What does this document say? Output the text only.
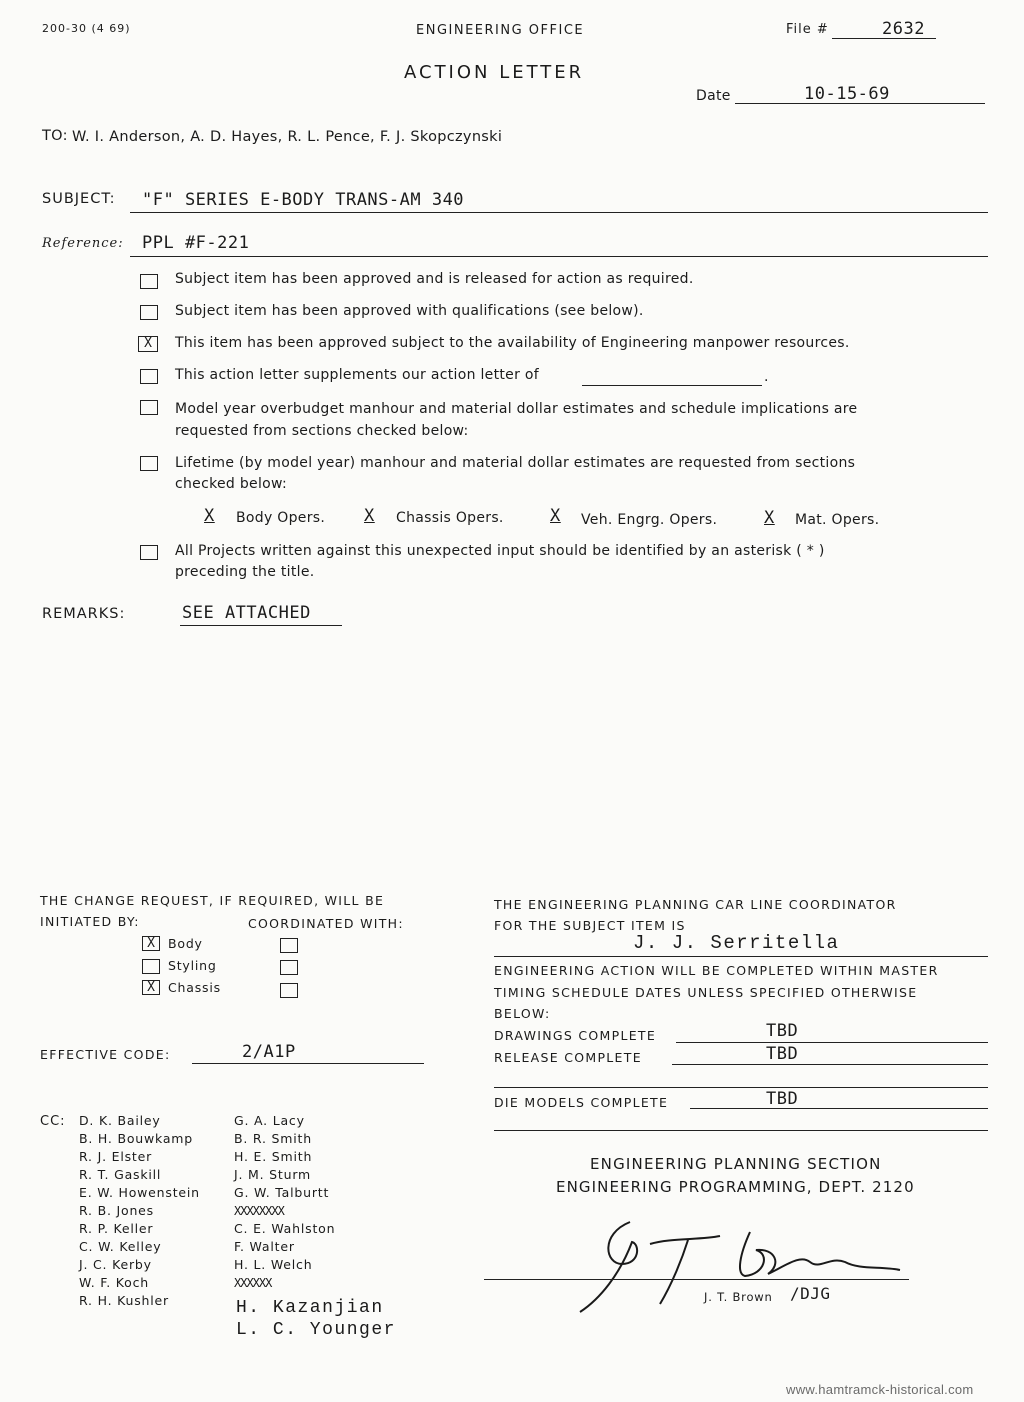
200-30 (4 69)	ENGINEERING OFFICE	File #	2632
ACTION LETTER
Date	10-15-69
TO: W. I. Anderson, A. D. Hayes, R. L. Pence, F. J. Skopczynski
SUBJECT: "F" SERIES E-BODY TRANS-AM 340
Reference: PPL #F-221
Subject item has been approved and is released for action as required.
Subject item has been approved with qualifications (see below).
X	This item has been approved subject to the availability of Engineering manpower resources.
This action letter supplements our action letter of	.
Model year overbudget manhour and material dollar estimates and schedule implications are
requested from sections checked below:
Lifetime (by model year) manhour and material dollar estimates are requested from sections
checked below:
X Body Opers. X Chassis Opers.	X Veh. Engrg. Opers.	X Mat. Opers.
All Projects written against this unexpected input should be identified by an asterisk ( * )
preceding the title.
REMARKS:	SEE ATTACHED
THE CHANGE REQUEST, IF REQUIRED, WILL BE
INITIATED BY:	COORDINATED WITH:
X	Body
Styling
X	Chassis
EFFECTIVE CODE:	2/A1P
THE ENGINEERING PLANNING CAR LINE COORDINATOR
FOR THE SUBJECT ITEM IS
J. J. Serritella
ENGINEERING ACTION WILL BE COMPLETED WITHIN MASTER
TIMING SCHEDULE DATES UNLESS SPECIFIED OTHERWISE
BELOW:
DRAWINGS COMPLETE	TBD
RELEASE COMPLETE	TBD
DIE MODELS COMPLETE	TBD
CC: D. K. Bailey
B. H. Bouwkamp
R. J. Elster
R. T. Gaskill
E. W. Howenstein
R. B. Jones
R. P. Keller
C. W. Kelley
J. C. Kerby
W. F. Koch
R. H. Kushler
G. A. Lacy
B. R. Smith
H. E. Smith
J. M. Sturm
G. W. Talburtt
XXXXXXXX
C. E. Wahlston
F. Walter
H. L. Welch
XXXXXX
H. Kazanjian
L. C. Younger
ENGINEERING PLANNING SECTION
ENGINEERING PROGRAMMING, DEPT. 2120
J. T. Brown /DJG
www.hamtramck-historical.com
